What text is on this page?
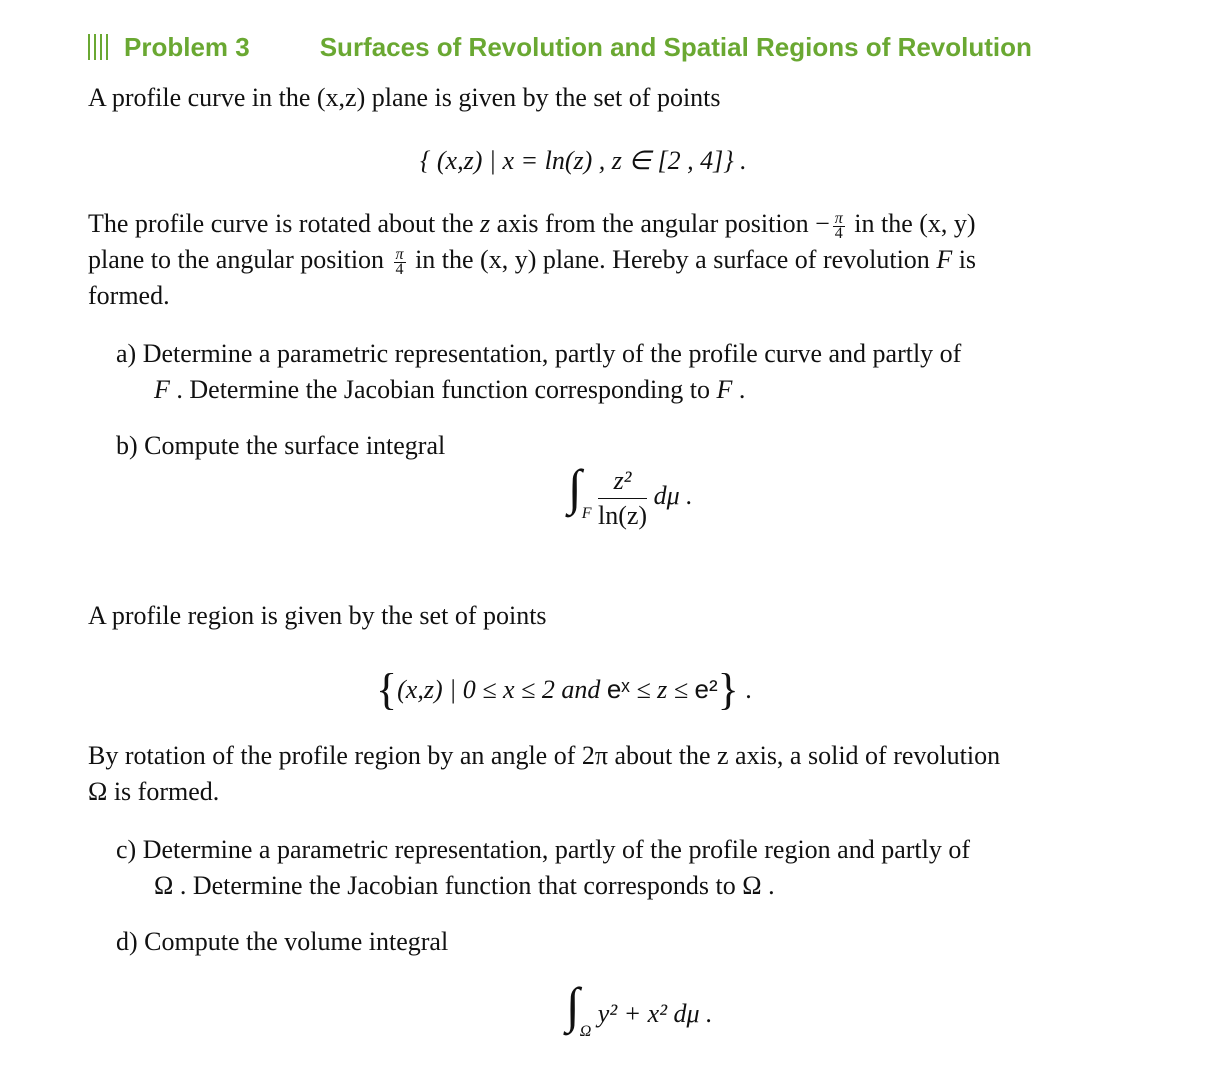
Problem 3	Surfaces of Revolution and Spatial Regions of Revolution
A profile curve in the (x,z) plane is given by the set of points
{ (x,z) | x = ln(z) , z ∈ [2 , 4]} .
The profile curve is rotated about the z axis from the angular position − $\frac{\pi}{4}$ in the (x, y)
plane to the angular position $\frac{\pi}{4}$ in the (x, y) plane. Hereby a surface of revolution F is
formed.
a) Determine a parametric representation, partly of the profile curve and partly of
F . Determine the Jacobian function corresponding to F .
b) Compute the surface integral
$\int_F \frac{\text{z²}}{\ln(z)}$ dμ .
A profile region is given by the set of points
{(x,z) | 0 ≤ x ≤ 2 and eˣ ≤ z ≤ e²} .
By rotation of the profile region by an angle of 2π about the z axis, a solid of revolution
Ω is formed.
c) Determine a parametric representation, partly of the profile region and partly of
Ω . Determine the Jacobian function that corresponds to Ω .
d) Compute the volume integral
$\int_\Omega$ y² + x² dμ .
